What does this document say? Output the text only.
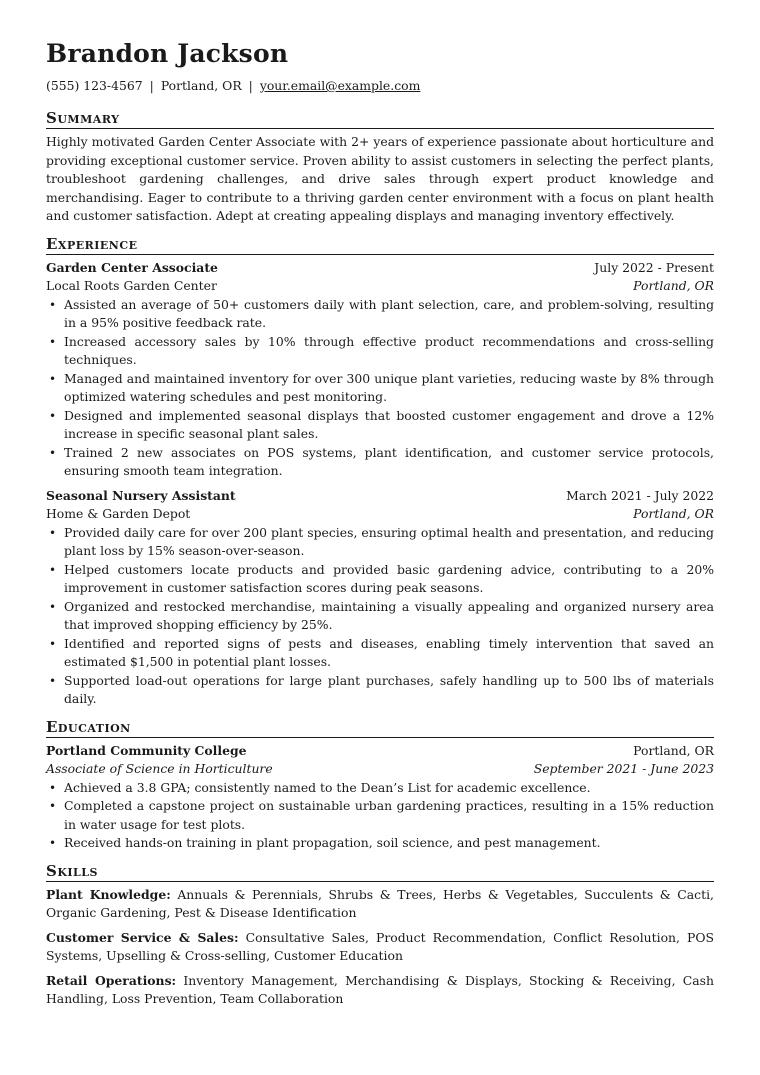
Brandon Jackson
(555) 123-4567 | Portland, OR | your.email@example.com
Summary
Highly motivated Garden Center Associate with 2+ years of experience passionate about horticulture and providing exceptional customer service. Proven ability to assist customers in selecting the perfect plants, troubleshoot gardening challenges, and drive sales through expert product knowledge and merchandising. Eager to contribute to a thriving garden center environment with a focus on plant health and customer satisfaction. Adept at creating appealing displays and managing inventory effectively.
Experience
Garden Center Associate	July 2022 - Present
Local Roots Garden Center	Portland, OR
• Assisted an average of 50+ customers daily with plant selection, care, and problem-solving, resulting in a 95% positive feedback rate.
• Increased accessory sales by 10% through effective product recommendations and cross-selling techniques.
• Managed and maintained inventory for over 300 unique plant varieties, reducing waste by 8% through optimized watering schedules and pest monitoring.
• Designed and implemented seasonal displays that boosted customer engagement and drove a 12% increase in specific seasonal plant sales.
• Trained 2 new associates on POS systems, plant identification, and customer service protocols, ensuring smooth team integration.
Seasonal Nursery Assistant	March 2021 - July 2022
Home & Garden Depot	Portland, OR
• Provided daily care for over 200 plant species, ensuring optimal health and presentation, and reducing plant loss by 15% season-over-season.
• Helped customers locate products and provided basic gardening advice, contributing to a 20% improvement in customer satisfaction scores during peak seasons.
• Organized and restocked merchandise, maintaining a visually appealing and organized nursery area that improved shopping efficiency by 25%.
• Identified and reported signs of pests and diseases, enabling timely intervention that saved an estimated $1,500 in potential plant losses.
• Supported load-out operations for large plant purchases, safely handling up to 500 lbs of materials daily.
Education
Portland Community College	Portland, OR
Associate of Science in Horticulture	September 2021 - June 2023
• Achieved a 3.8 GPA; consistently named to the Dean’s List for academic excellence.
• Completed a capstone project on sustainable urban gardening practices, resulting in a 15% reduction in water usage for test plots.
• Received hands-on training in plant propagation, soil science, and pest management.
Skills
Plant Knowledge: Annuals & Perennials, Shrubs & Trees, Herbs & Vegetables, Succulents & Cacti, Organic Gardening, Pest & Disease Identification
Customer Service & Sales: Consultative Sales, Product Recommendation, Conflict Resolution, POS Systems, Upselling & Cross-selling, Customer Education
Retail Operations: Inventory Management, Merchandising & Displays, Stocking & Receiving, Cash Handling, Loss Prevention, Team Collaboration
